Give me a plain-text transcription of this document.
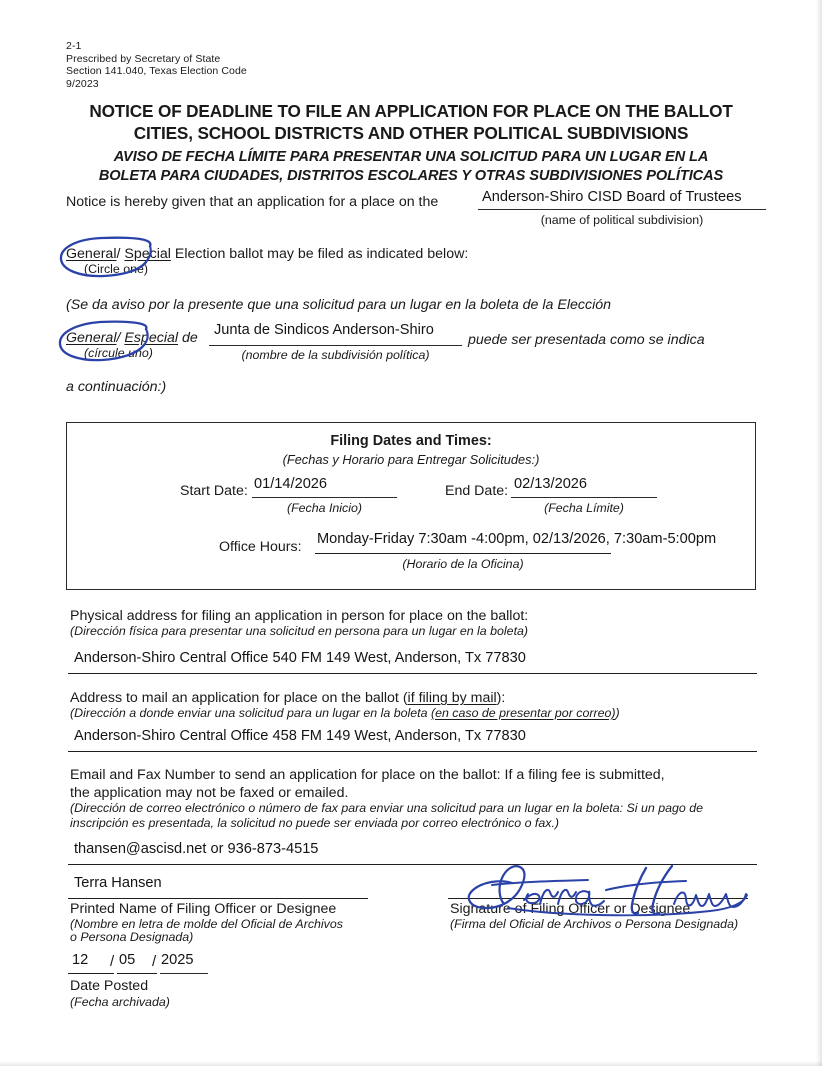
2-1
Prescribed by Secretary of State
Section 141.040, Texas Election Code
9/2023
NOTICE OF DEADLINE TO FILE AN APPLICATION FOR PLACE ON THE BALLOT
CITIES, SCHOOL DISTRICTS AND OTHER POLITICAL SUBDIVISIONS
AVISO DE FECHA LÍMITE PARA PRESENTAR UNA SOLICITUD PARA UN LUGAR EN LA
BOLETA PARA CIUDADES, DISTRITOS ESCOLARES Y OTRAS SUBDIVISIONES POLÍTICAS
Notice is hereby given that an application for a place on the	Anderson-Shiro CISD Board of Trustees
(name of political subdivision)
General/ Special Election ballot may be filed as indicated below:
(Circle one)
(Se da aviso por la presente que una solicitud para un lugar en la boleta de la Elección
General/ Especial de
(círcule uno)
Junta de Sindicos Anderson-Shiro
(nombre de la subdivisión política)
puede ser presentada como se indica
a continuación:)
Filing Dates and Times:
(Fechas y Horario para Entregar Solicitudes:)
Start Date: 01/14/2026
(Fecha Inicio)
End Date: 02/13/2026
(Fecha Límite)
Office Hours: Monday-Friday 7:30am -4:00pm, 02/13/2026, 7:30am-5:00pm
(Horario de la Oficina)
Physical address for filing an application in person for place on the ballot:
(Dirección física para presentar una solicitud en persona para un lugar en la boleta)
Anderson-Shiro Central Office 540 FM 149 West, Anderson, Tx 77830
Address to mail an application for place on the ballot (if filing by mail):
(Dirección a donde enviar una solicitud para un lugar en la boleta (en caso de presentar por correo))
Anderson-Shiro Central Office 458 FM 149 West, Anderson, Tx 77830
Email and Fax Number to send an application for place on the ballot: If a filing fee is submitted,
the application may not be faxed or emailed.
(Dirección de correo electrónico o número de fax para enviar una solicitud para un lugar en la boleta: Si un pago de
inscripción es presentada, la solicitud no puede ser enviada por correo electrónico o fax.)
thansen@ascisd.net or 936-873-4515
Terra Hansen
Printed Name of Filing Officer or Designee
(Nombre en letra de molde del Oficial de Archivos
o Persona Designada)
Signature of Filing Officer or Designee
(Firma del Oficial de Archivos o Persona Designada)
12 / 05 / 2025
Date Posted
(Fecha archivada)
